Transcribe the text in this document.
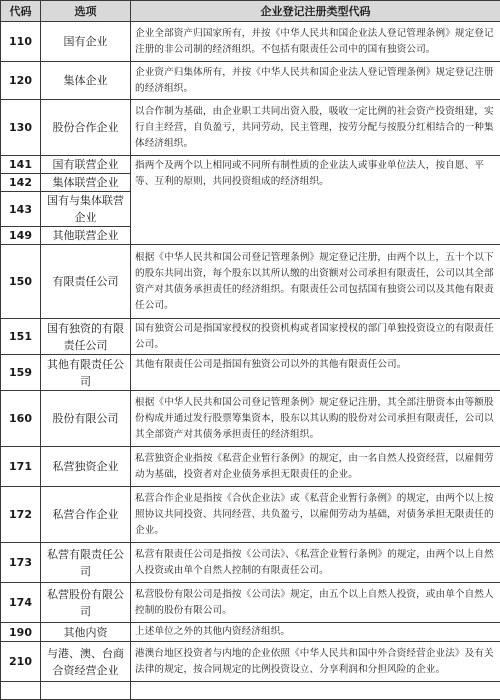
代码	选项	企业登记注册类型代码
110	国有企业	企业全部资产归国家所有，并按《中华人民共和国企业法人登记管理条例》规定登记注册的非公司制的经济组织。不包括有限责任公司中的国有独资公司。

120	集体企业	企业资产归集体所有，并按《中华人民共和国企业法人登记管理条例》规定登记注册的经济组织。

130	股份合作企业	以合作制为基础，由企业职工共同出资入股，吸收一定比例的社会资产投资组建，实行自主经营，自负盈亏，共同劳动，民主管理，按劳分配与按股分红相结合的一种集体经济组织。

141	国有联营企业	指两个及两个以上相同或不同所有制性质的企业法人或事业单位法人，按自愿、平等、互利的原则，共同投资组成的经济组织。

142	集体联营企业	
143	国有与集体联营企业	
149	其他联营企业	
150	有限责任公司	根据《中华人民共和国公司登记管理条例》规定登记注册，由两个以上，五十个以下的股东共同出资，每个股东以其所认缴的出资额对公司承担有限责任，公司以其全部资产对其债务承担责任的经济组织。有限责任公司包括国有独资公司以及其他有限责任公司。

151	国有独资的有限责任公司	国有独资公司是指国家授权的投资机构或者国家授权的部门单独投资设立的有限责任公司。

159	其他有限责任公司	其他有限责任公司是指国有独资公司以外的其他有限责任公司。

160	股份有限公司	根据《中华人民共和国公司登记管理条例》规定登记注册，其全部注册资本由等额股份构成并通过发行股票筹集资本，股东以其认购的股份对公司承担有限责任，公司以其全部资产对其债务承担责任的经济组织。

171	私营独资企业	私营独资企业指按《私营企业暂行条例》的规定，由一名自然人投资经营，以雇佣劳动为基础，投资者对企业债务承担无限责任的企业。

172	私营合作企业	私营合作企业是指按《合伙企业法》或《私营企业暂行条例》的规定，由两个以上按照协议共同投资、共同经营、共负盈亏，以雇佣劳动为基础，对债务承担无限责任的企业。

173	私营有限责任公司	私营有限责任公司是指按《公司法》、《私营企业暂行条例》的规定，由两个以上自然人投资或由单个自然人控制的有限责任公司。

174	私营股份有限公司	私营股份有限公司是指按《公司法》规定，由五个以上自然人投资，或由单个自然人控制的股份有限公司。

190	其他内资	上述单位之外的其他内资经济组织。

210	与港、澳、台商合资经营企业	港澳台地区投资者与内地的企业依照《中华人民共和国中外合资经营企业法》及有关法律的规定，按合同规定的比例投资设立、分享利润和分担风险的企业。
